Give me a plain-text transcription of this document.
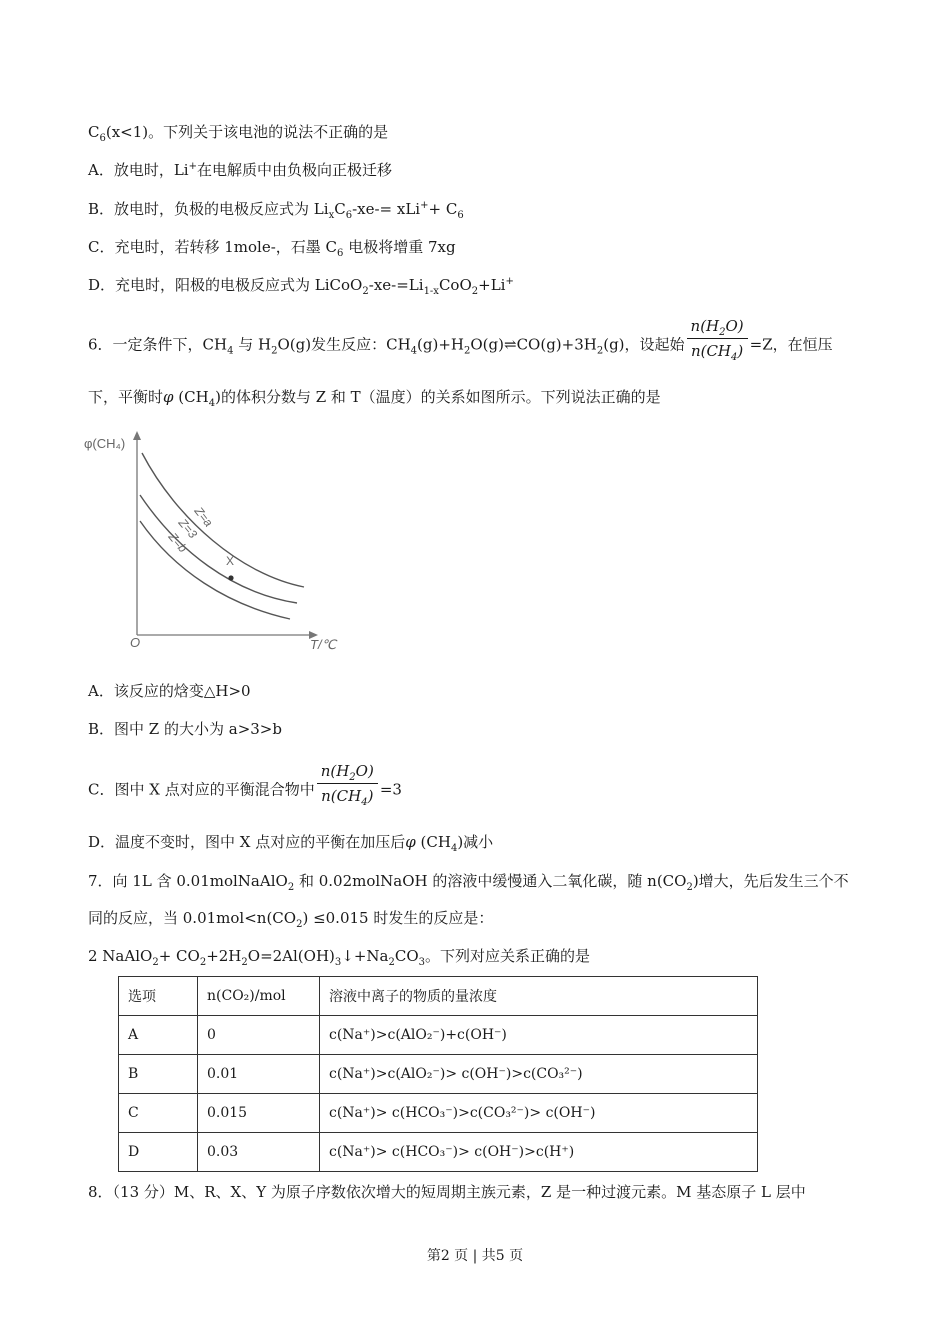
$C_6(x<1)$。下列关于该电池的说法不正确的是
A．放电时，Li+在电解质中由负极向正极迁移
B．放电时，负极的电极反应式为 $Li_xC_6-xe-= xLi^++ C_6$
C．充电时，若转移 1mole-，石墨 $C_6$ 电极将增重 7xg
D．充电时，阳极的电极反应式为 $LiCoO_2-xe-=Li_{1-x}CoO_2+Li^+$
6．一定条件下，$CH_4$ 与 $H_2O(g)$发生反应：$CH_4(g)+H_2O(g)\rightleftharpoons CO(g)+3H_2(g)$，设起始 $\frac{n(H_2O)}{n(CH_4)} =Z$，在恒压
下，平衡时φ $(CH_4)$的体积分数与 Z 和 T（温度）的关系如图所示。下列说法正确的是
φ(CH₄)
T/℃
O
Z=a
Z=3
Z=b
X
A．该反应的焓变△H>0
B．图中 Z 的大小为 a>3>b
C．图中 X 点对应的平衡混合物中 $\frac{n(H_2O)}{n(CH_4)} =3$
D．温度不变时，图中 X 点对应的平衡在加压后φ $(CH_4)$减小
7．向 1L 含 0.01molNaAlO$_2$ 和 0.02molNaOH 的溶液中缓慢通入二氧化碳，随 $n(CO_2)$增大，先后发生三个不
同的反应，当 $0.01mol<n(CO_2) \le 0.015$ 时发生的反应是：
2 NaAlO$_2$+ $CO_2+2H_2O=2Al(OH)_3↓+Na_2CO_3$。下列对应关系正确的是
选项	n(CO₂)/mol	溶液中离子的物质的量浓度
A	0	c(Na⁺)>c(AlO₂⁻)+c(OH⁻)
B	0.01	c(Na⁺)>c(AlO₂⁻)> c(OH⁻)>c(CO₃²⁻)
C	0.015	c(Na⁺)> c(HCO₃⁻)>c(CO₃²⁻)> c(OH⁻)
D	0.03	c(Na⁺)> c(HCO₃⁻)> c(OH⁻)>c(H⁺)
8．（13 分）M、R、X、Y 为原子序数依次增大的短周期主族元素，Z 是一种过渡元素。M 基态原子 L 层中
第2 页 | 共5 页
